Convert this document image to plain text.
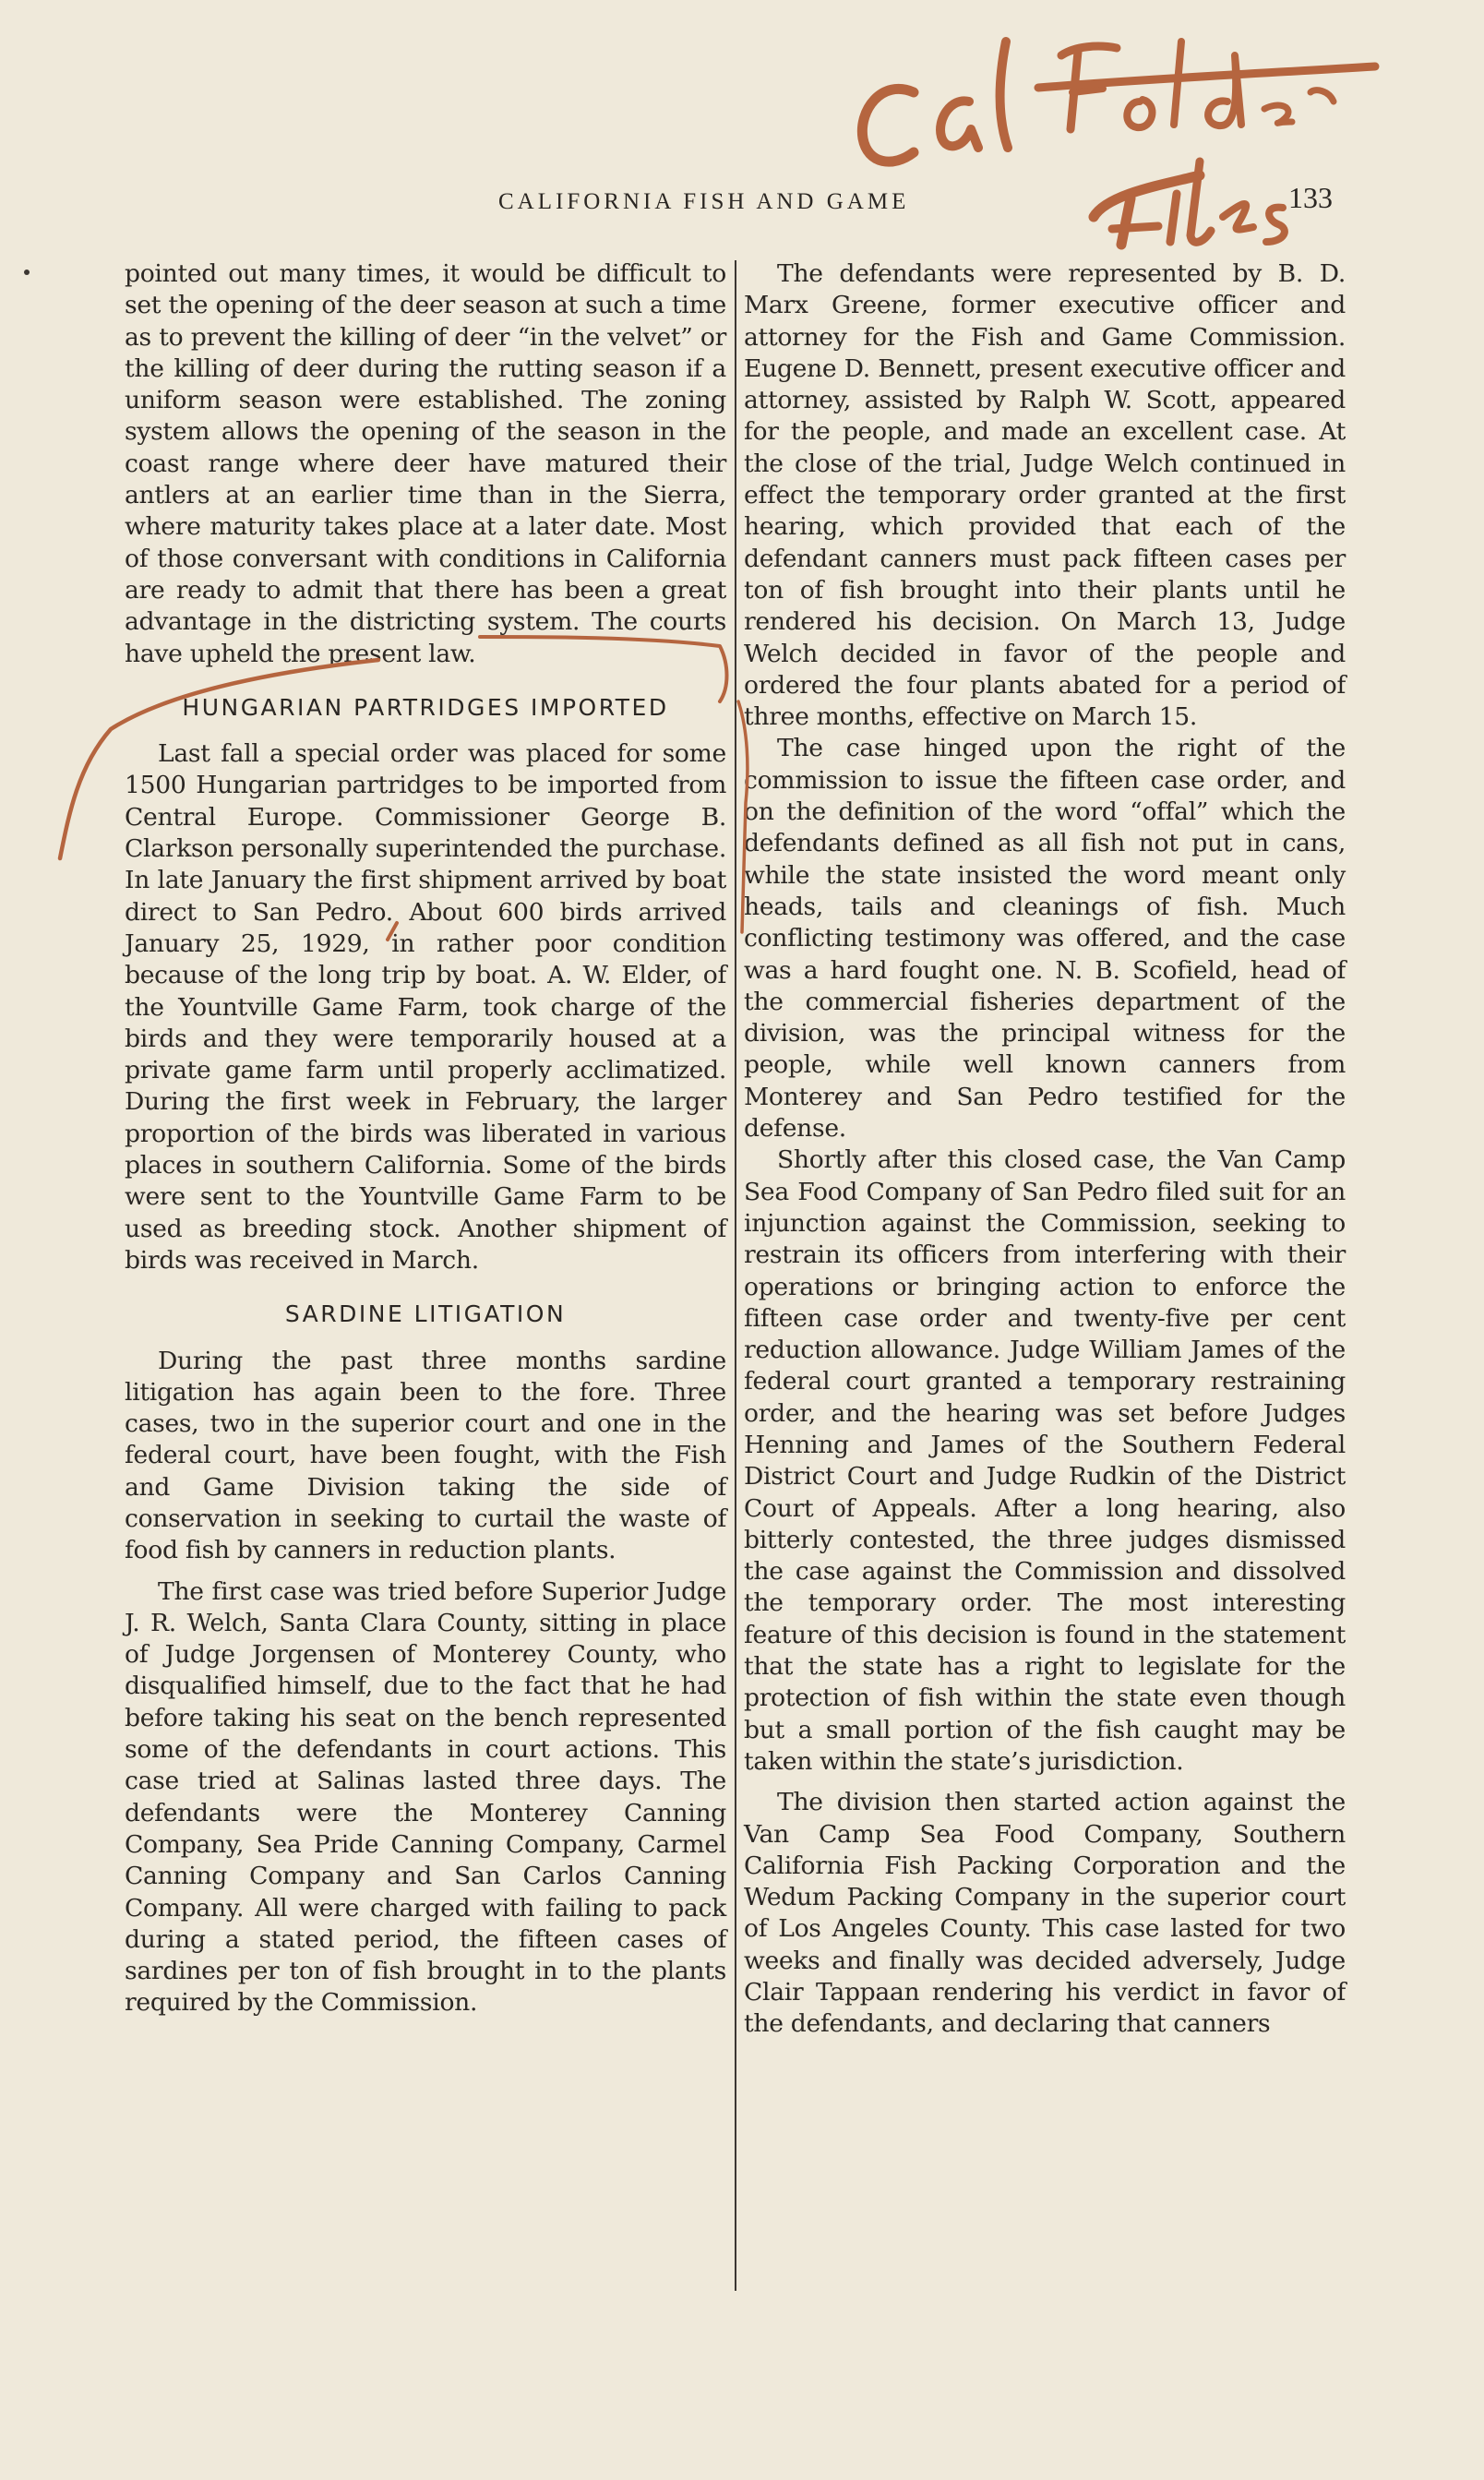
CALIFORNIA FISH AND GAME	133

pointed out many times, it would be difficult to set the opening of the deer season at such a time as to prevent the killing of deer “in the velvet” or the killing of deer during the rutting season if a uniform season were established. The zoning system allows the opening of the season in the coast range where deer have matured their antlers at an earlier time than in the Sierra, where maturity takes place at a later date. Most of those conversant with conditions in California are ready to admit that there has been a great advantage in the districting system. The courts have upheld the present law.

HUNGARIAN PARTRIDGES IMPORTED

Last fall a special order was placed for some 1500 Hungarian partridges to be imported from Central Europe. Commissioner George B. Clarkson personally superintended the purchase. In late January the first shipment arrived by boat direct to San Pedro. About 600 birds arrived January 25, 1929, in rather poor condition because of the long trip by boat. A. W. Elder, of the Yountville Game Farm, took charge of the birds and they were temporarily housed at a private game farm until properly acclimatized. During the first week in February, the larger proportion of the birds was liberated in various places in southern California. Some of the birds were sent to the Yountville Game Farm to be used as breeding stock. Another shipment of birds was received in March.

SARDINE LITIGATION

During the past three months sardine litigation has again been to the fore. Three cases, two in the superior court and one in the federal court, have been fought, with the Fish and Game Division taking the side of conservation in seeking to curtail the waste of food fish by canners in reduction plants.

The first case was tried before Superior Judge J. R. Welch, Santa Clara County, sitting in place of Judge Jorgensen of Monterey County, who disqualified himself, due to the fact that he had before taking his seat on the bench represented some of the defendants in court actions. This case tried at Salinas lasted three days. The defendants were the Monterey Canning Company, Sea Pride Canning Company, Carmel Canning Company and San Carlos Canning Company. All were charged with failing to pack during a stated period, the fifteen cases of sardines per ton of fish brought in to the plants required by the Commission.

The defendants were represented by B. D. Marx Greene, former executive officer and attorney for the Fish and Game Commission. Eugene D. Bennett, present executive officer and attorney, assisted by Ralph W. Scott, appeared for the people, and made an excellent case. At the close of the trial, Judge Welch continued in effect the temporary order granted at the first hearing, which provided that each of the defendant canners must pack fifteen cases per ton of fish brought into their plants until he rendered his decision. On March 13, Judge Welch decided in favor of the people and ordered the four plants abated for a period of three months, effective on March 15.

The case hinged upon the right of the commission to issue the fifteen case order, and on the definition of the word “offal” which the defendants defined as all fish not put in cans, while the state insisted the word meant only heads, tails and cleanings of fish. Much conflicting testimony was offered, and the case was a hard fought one. N. B. Scofield, head of the commercial fisheries department of the division, was the principal witness for the people, while well known canners from Monterey and San Pedro testified for the defense.

Shortly after this closed case, the Van Camp Sea Food Company of San Pedro filed suit for an injunction against the Commission, seeking to restrain its officers from interfering with their operations or bringing action to enforce the fifteen case order and twenty-five per cent reduction allowance. Judge William James of the federal court granted a temporary restraining order, and the hearing was set before Judges Henning and James of the Southern Federal District Court and Judge Rudkin of the District Court of Appeals. After a long hearing, also bitterly contested, the three judges dismissed the case against the Commission and dissolved the temporary order. The most interesting feature of this decision is found in the statement that the state has a right to legislate for the protection of fish within the state even though but a small portion of the fish caught may be taken within the state’s jurisdiction.

The division then started action against the Van Camp Sea Food Company, Southern California Fish Packing Corporation and the Wedum Packing Company in the superior court of Los Angeles County. This case lasted for two weeks and finally was decided adversely, Judge Clair Tappaan rendering his verdict in favor of the defendants, and declaring that canners
